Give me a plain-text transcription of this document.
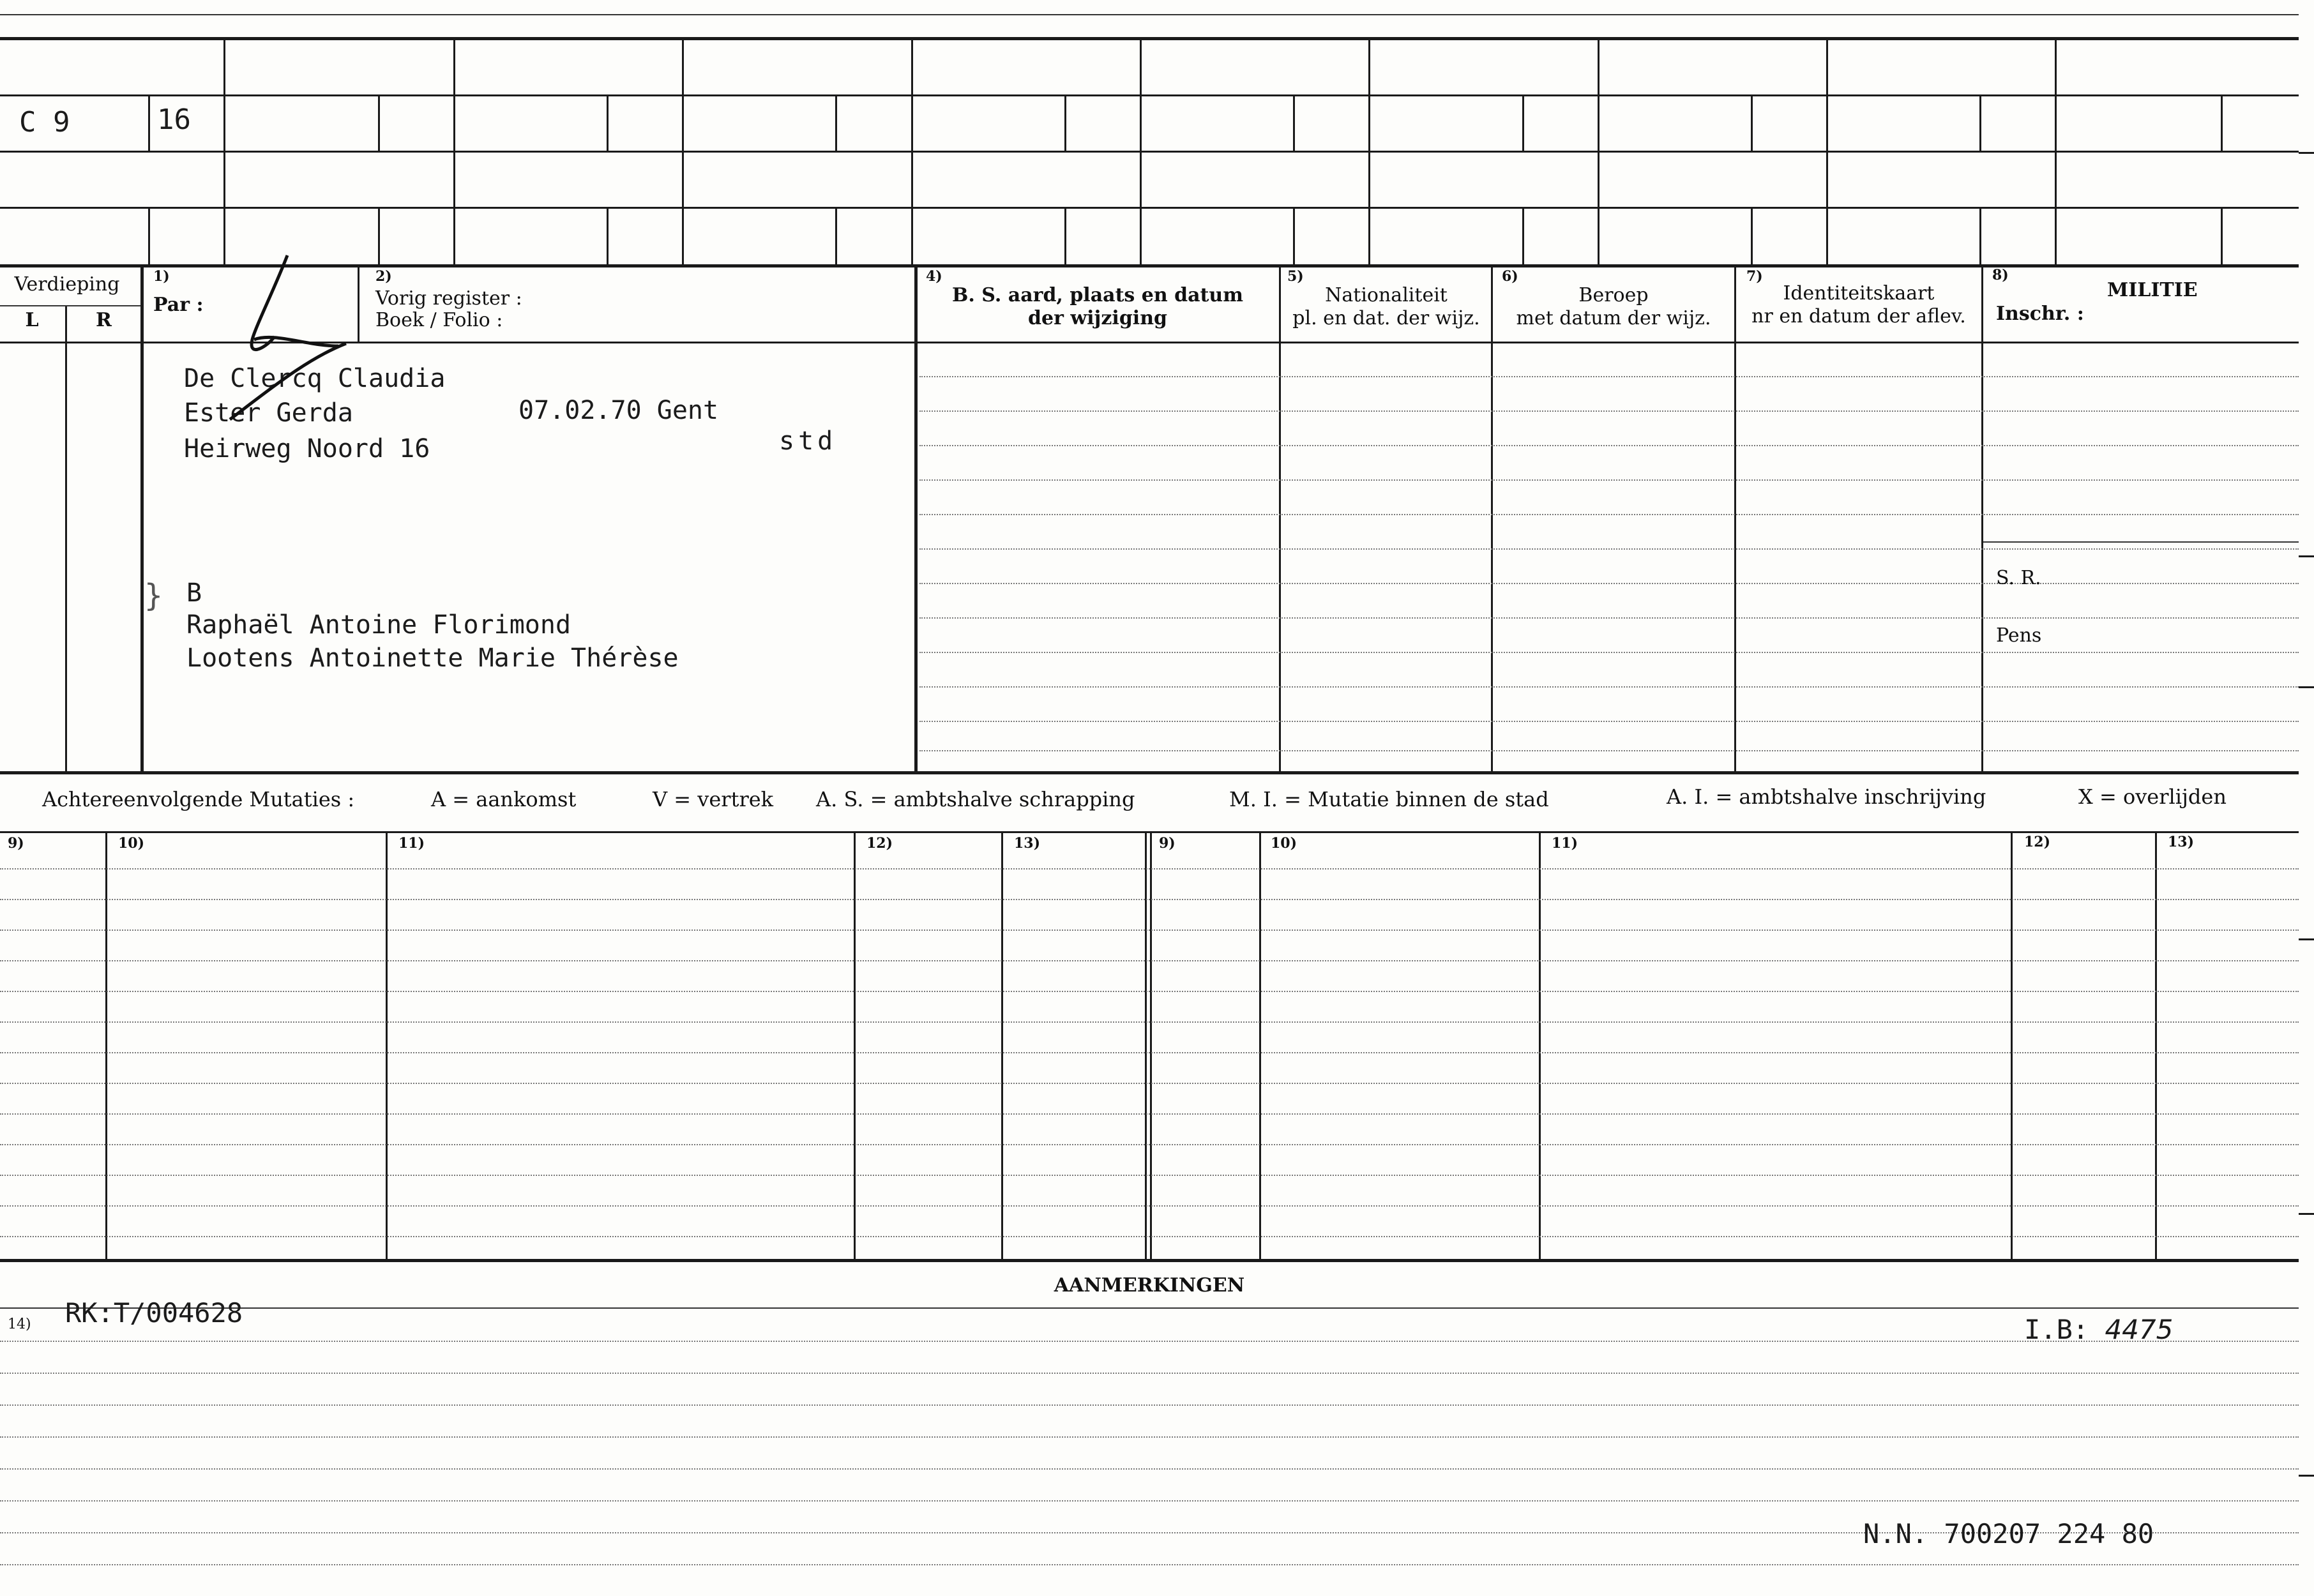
C 9	16
Verdieping
L	R
1)
Par :
2)
Vorig register :
Boek / Folio :
4)
B. S. aard, plaats en datum
der wijziging
5)
Nationaliteit
pl. en dat. der wijz.
6)
Beroep
met datum der wijz.
7)
Identiteitskaart
nr en datum der aflev.
8)
MILITIE
Inschr. :
S. R.
Pens
De Clercq Claudia
Ester Gerda	07.02.70 Gent
Heirweg Noord 16	std
} B
Raphaël Antoine Florimond
Lootens Antoinette Marie Thérèse
Achtereenvolgende Mutaties :	A = aankomst	V = vertrek A. S. = ambtshalve schrapping	M. I. = Mutatie binnen de stad	A. I. = ambtshalve inschrijving	X = overlijden
9)	10)	11)	12)	13)	9)	10)	11)	12)	13)
AANMERKINGEN
14) RK:T/004628
I.B: 4475
N.N. 700207 224 80
